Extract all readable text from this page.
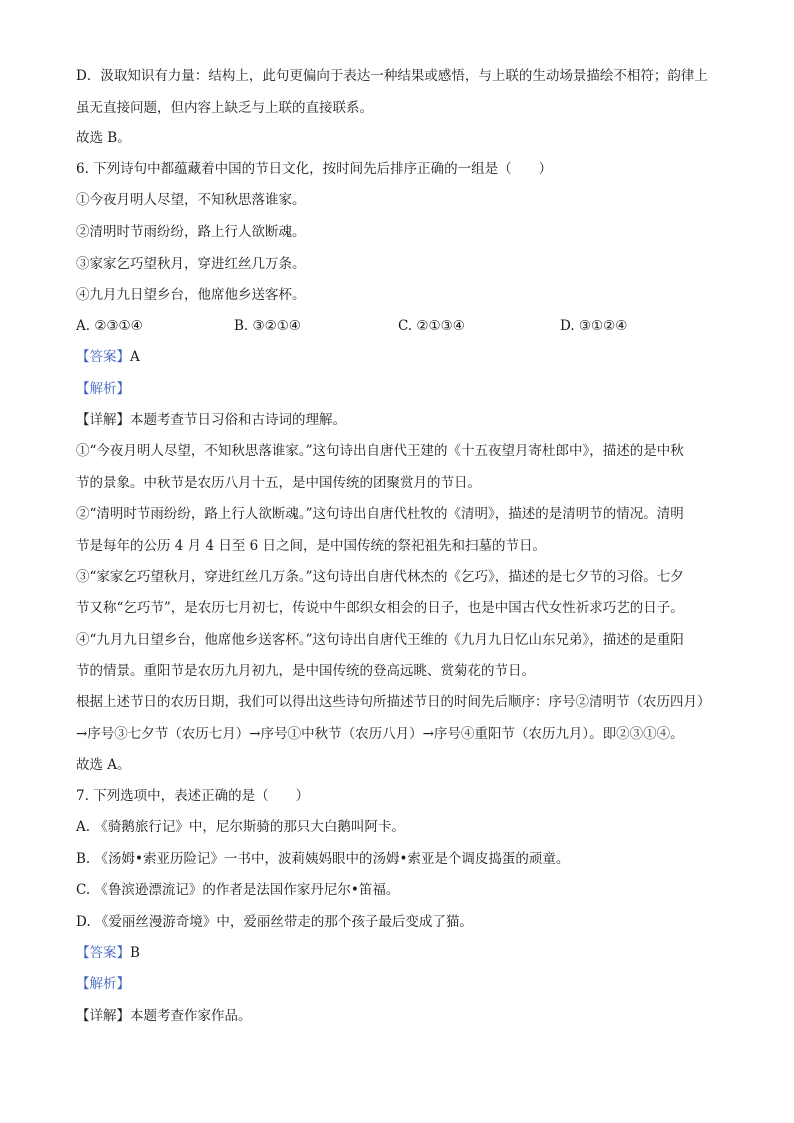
D．汲取知识有力量：结构上，此句更偏向于表达一种结果或感悟，与上联的生动场景描绘不相符；韵律上
虽无直接问题，但内容上缺乏与上联的直接联系。
故选 B。
6. 下列诗句中都蕴藏着中国的节日文化，按时间先后排序正确的一组是（　　）
①今夜月明人尽望，不知秋思落谁家。
②清明时节雨纷纷，路上行人欲断魂。
③家家乞巧望秋月，穿进红丝几万条。
④九月九日望乡台，他席他乡送客杯。
A. ②③①④	B. ③②①④	C. ②①③④	D. ③①②④
【答案】A
【解析】
【详解】本题考查节日习俗和古诗词的理解。
①“今夜月明人尽望，不知秋思落谁家。”这句诗出自唐代王建的《十五夜望月寄杜郎中》，描述的是中秋
节的景象。中秋节是农历八月十五，是中国传统的团聚赏月的节日。
②“清明时节雨纷纷，路上行人欲断魂。”这句诗出自唐代杜牧的《清明》，描述的是清明节的情况。清明
节是每年的公历 4 月 4 日至 6 日之间，是中国传统的祭祀祖先和扫墓的节日。
③“家家乞巧望秋月，穿进红丝几万条。”这句诗出自唐代林杰的《乞巧》，描述的是七夕节的习俗。七夕
节又称“乞巧节”，是农历七月初七，传说中牛郎织女相会的日子，也是中国古代女性祈求巧艺的日子。
④“九月九日望乡台，他席他乡送客杯。”这句诗出自唐代王维的《九月九日忆山东兄弟》，描述的是重阳
节的情景。重阳节是农历九月初九，是中国传统的登高远眺、赏菊花的节日。
根据上述节日的农历日期，我们可以得出这些诗句所描述节日的时间先后顺序：序号②清明节（农历四月）
→序号③七夕节（农历七月）→序号①中秋节（农历八月）→序号④重阳节（农历九月）。即②③①④。
故选 A。
7. 下列选项中，表述正确的是（　　）
A. 《骑鹅旅行记》中，尼尔斯骑的那只大白鹅叫阿卡。
B. 《汤姆•索亚历险记》一书中，波莉姨妈眼中的汤姆•索亚是个调皮捣蛋的顽童。
C. 《鲁滨逊漂流记》的作者是法国作家丹尼尔•笛福。
D. 《爱丽丝漫游奇境》中，爱丽丝带走的那个孩子最后变成了猫。
【答案】B
【解析】
【详解】本题考查作家作品。
